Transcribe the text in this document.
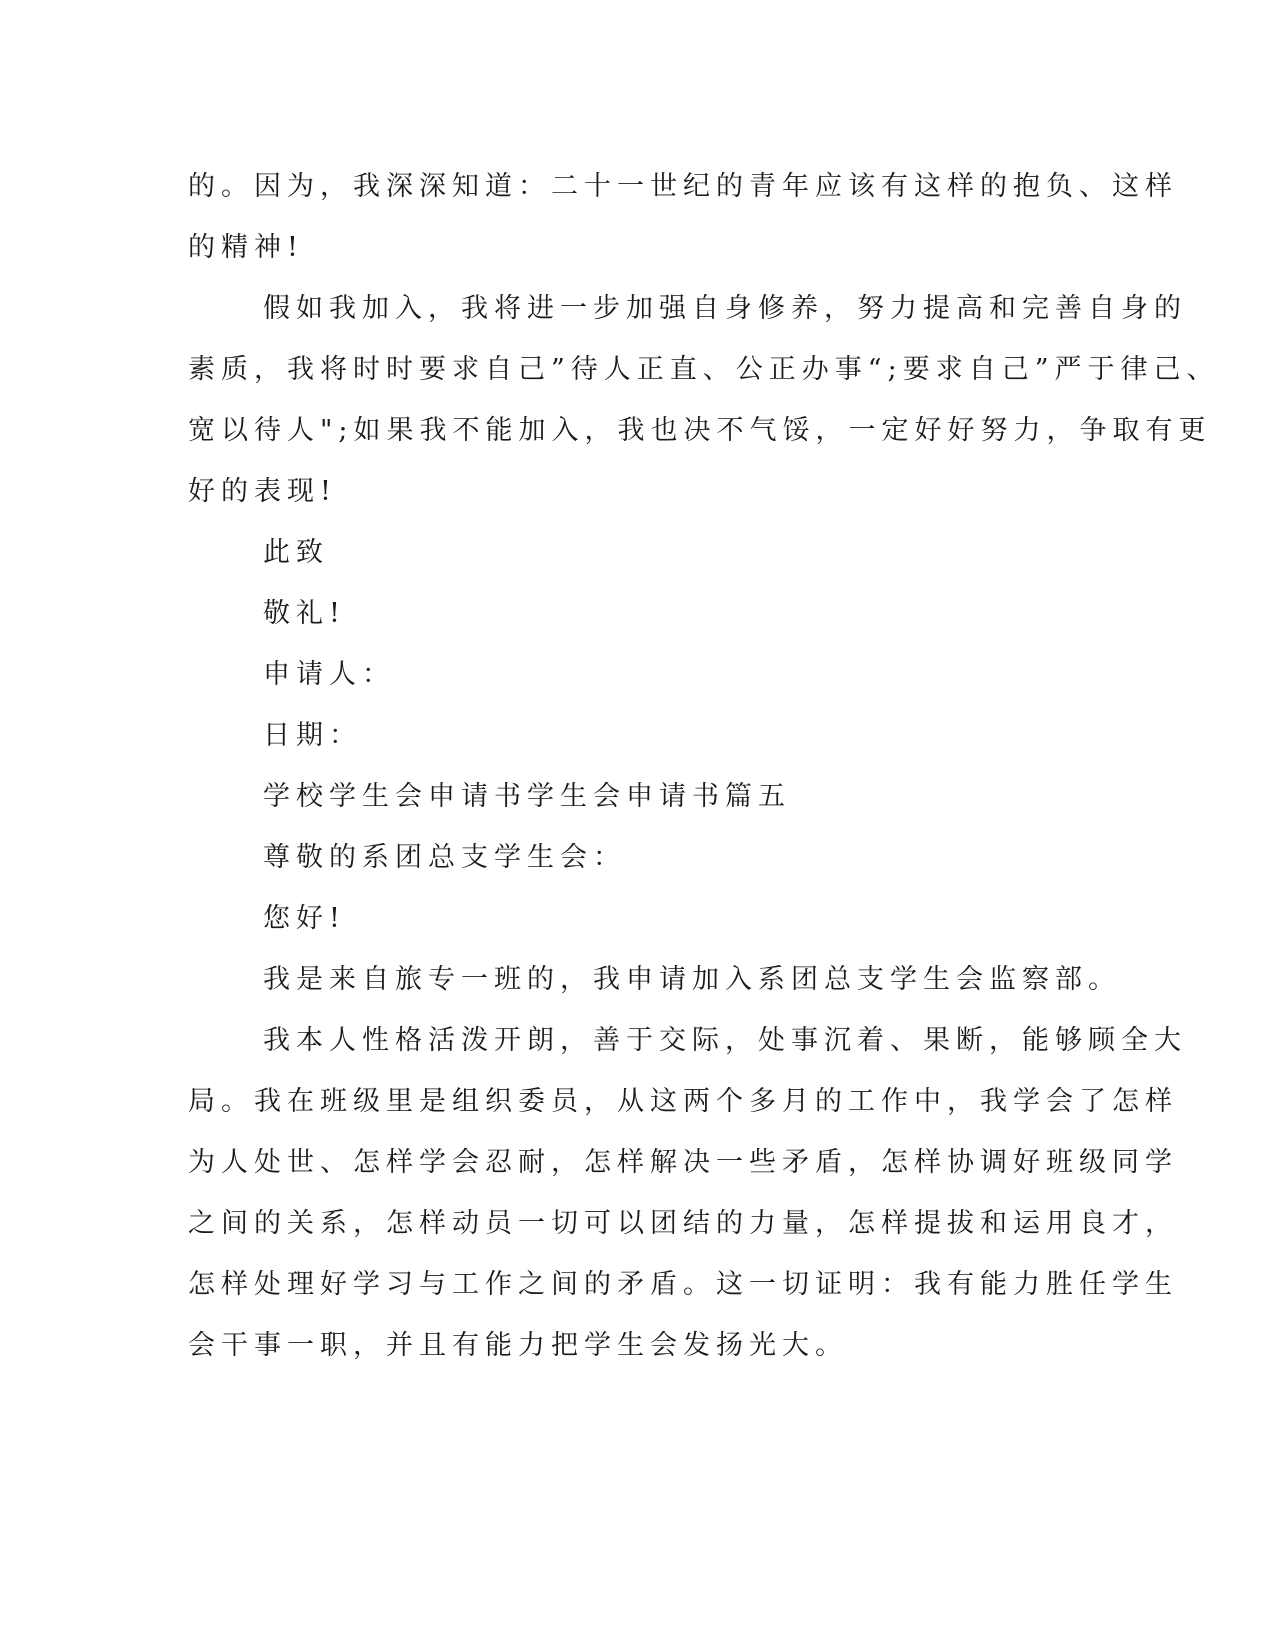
的。因为，我深深知道：二十一世纪的青年应该有这样的抱负、这样
的精神!
假如我加入，我将进一步加强自身修养，努力提高和完善自身的
素质，我将时时要求自己”待人正直、公正办事“;要求自己”严于律己、
宽以待人";如果我不能加入，我也决不气馁，一定好好努力，争取有更
好的表现!
此致
敬礼!
申请人：
日期：
学校学生会申请书学生会申请书篇五
尊敬的系团总支学生会：
您好!
我是来自旅专一班的，我申请加入系团总支学生会监察部。
我本人性格活泼开朗，善于交际，处事沉着、果断，能够顾全大
局。我在班级里是组织委员，从这两个多月的工作中，我学会了怎样
为人处世、怎样学会忍耐，怎样解决一些矛盾，怎样协调好班级同学
之间的关系，怎样动员一切可以团结的力量，怎样提拔和运用良才，
怎样处理好学习与工作之间的矛盾。这一切证明：我有能力胜任学生
会干事一职，并且有能力把学生会发扬光大。
